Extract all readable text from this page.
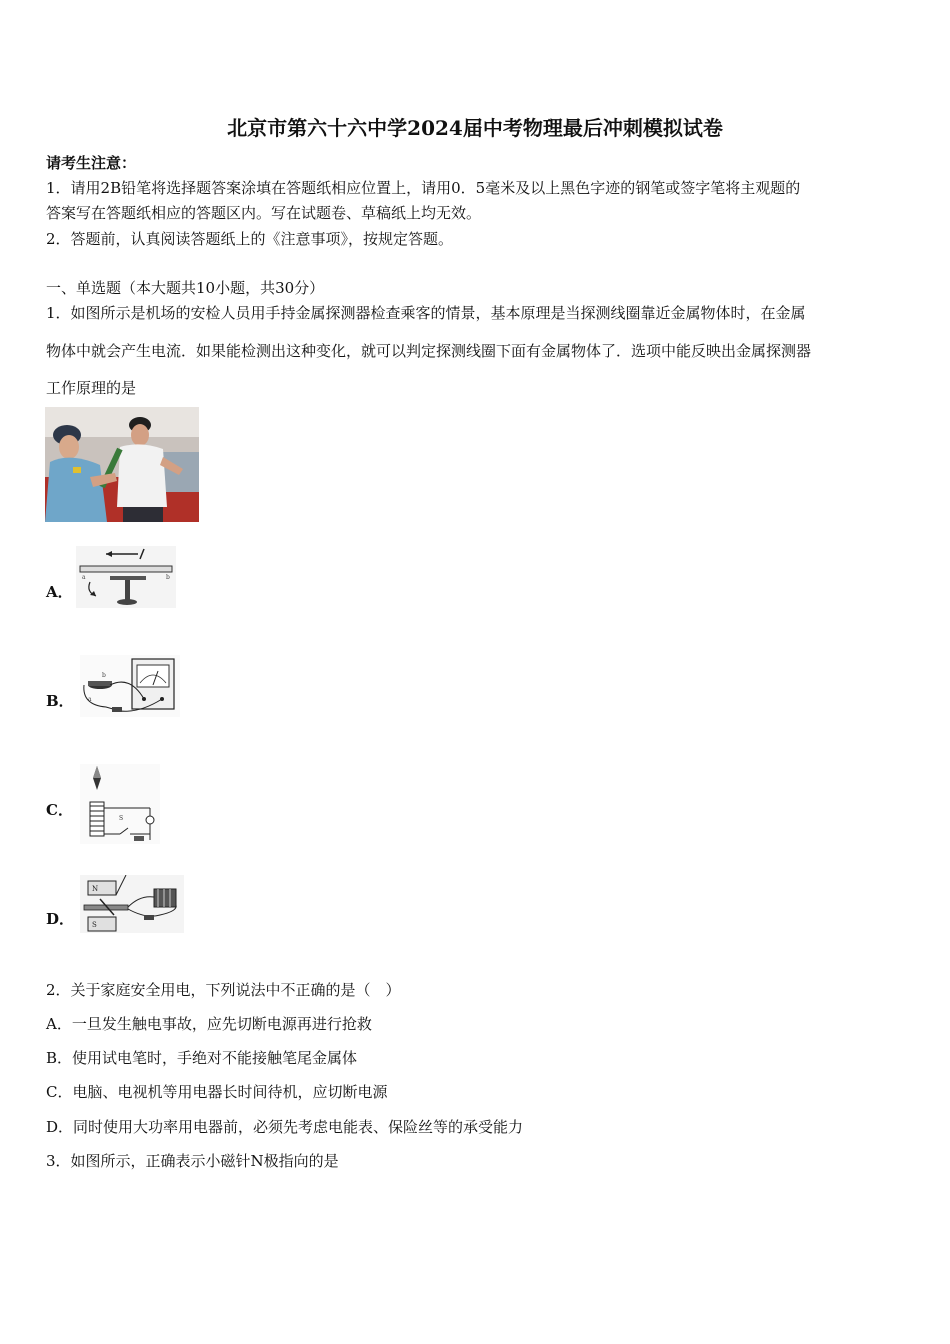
北京市第六十六中学2024届中考物理最后冲刺模拟试卷
请考生注意：
1．请用2B铅笔将选择题答案涂填在答题纸相应位置上，请用0．5毫米及以上黑色字迹的钢笔或签字笔将主观题的
答案写在答题纸相应的答题区内。写在试题卷、草稿纸上均无效。
2．答题前，认真阅读答题纸上的《注意事项》，按规定答题。
一、单选题（本大题共10小题，共30分）
1．如图所示是机场的安检人员用手持金属探测器检查乘客的情景，基本原理是当探测线圈靠近金属物体时，在金属
物体中就会产生电流．如果能检测出这种变化，就可以判定探测线圈下面有金属物体了．选项中能反映出金属探测器
工作原理的是
A．
a	b
B．
b
a
C．	S
D．
N
S
2．关于家庭安全用电，下列说法中不正确的是（　）
A．一旦发生触电事故，应先切断电源再进行抢救
B．使用试电笔时，手绝对不能接触笔尾金属体
C．电脑、电视机等用电器长时间待机，应切断电源
D．同时使用大功率用电器前，必须先考虑电能表、保险丝等的承受能力
3．如图所示，正确表示小磁针N极指向的是
